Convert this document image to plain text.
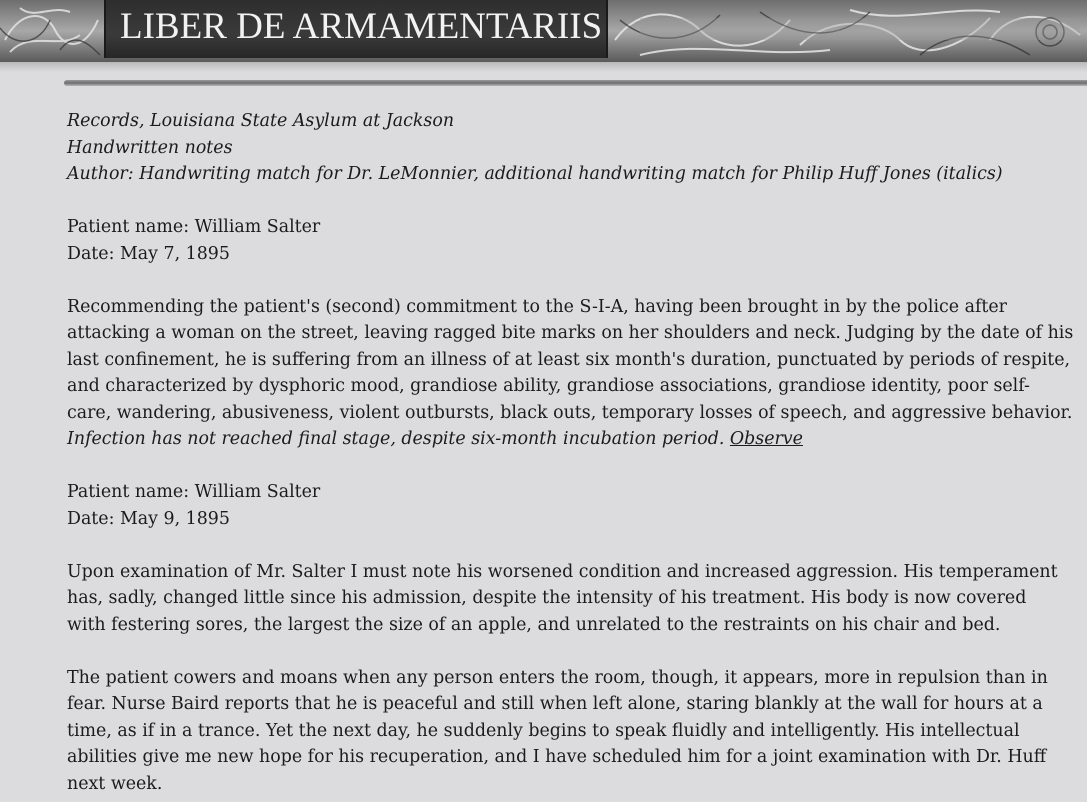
LIBER DE ARMAMENTARIIS

Records, Louisiana State Asylum at Jackson
Handwritten notes
Author: Handwriting match for Dr. LeMonnier, additional handwriting match for Philip Huff Jones (italics)

Patient name: William Salter
Date: May 7, 1895

Recommending the patient's (second) commitment to the S-I-A, having been brought in by the police after
attacking a woman on the street, leaving ragged bite marks on her shoulders and neck. Judging by the date of his
last confinement, he is suffering from an illness of at least six month's duration, punctuated by periods of respite,
and characterized by dysphoric mood, grandiose ability, grandiose associations, grandiose identity, poor self-
care, wandering, abusiveness, violent outbursts, black outs, temporary losses of speech, and aggressive behavior.
Infection has not reached final stage, despite six-month incubation period. Observe

Patient name: William Salter
Date: May 9, 1895

Upon examination of Mr. Salter I must note his worsened condition and increased aggression. His temperament
has, sadly, changed little since his admission, despite the intensity of his treatment. His body is now covered
with festering sores, the largest the size of an apple, and unrelated to the restraints on his chair and bed.

The patient cowers and moans when any person enters the room, though, it appears, more in repulsion than in
fear. Nurse Baird reports that he is peaceful and still when left alone, staring blankly at the wall for hours at a
time, as if in a trance. Yet the next day, he suddenly begins to speak fluidly and intelligently. His intellectual
abilities give me new hope for his recuperation, and I have scheduled him for a joint examination with Dr. Huff
next week.
